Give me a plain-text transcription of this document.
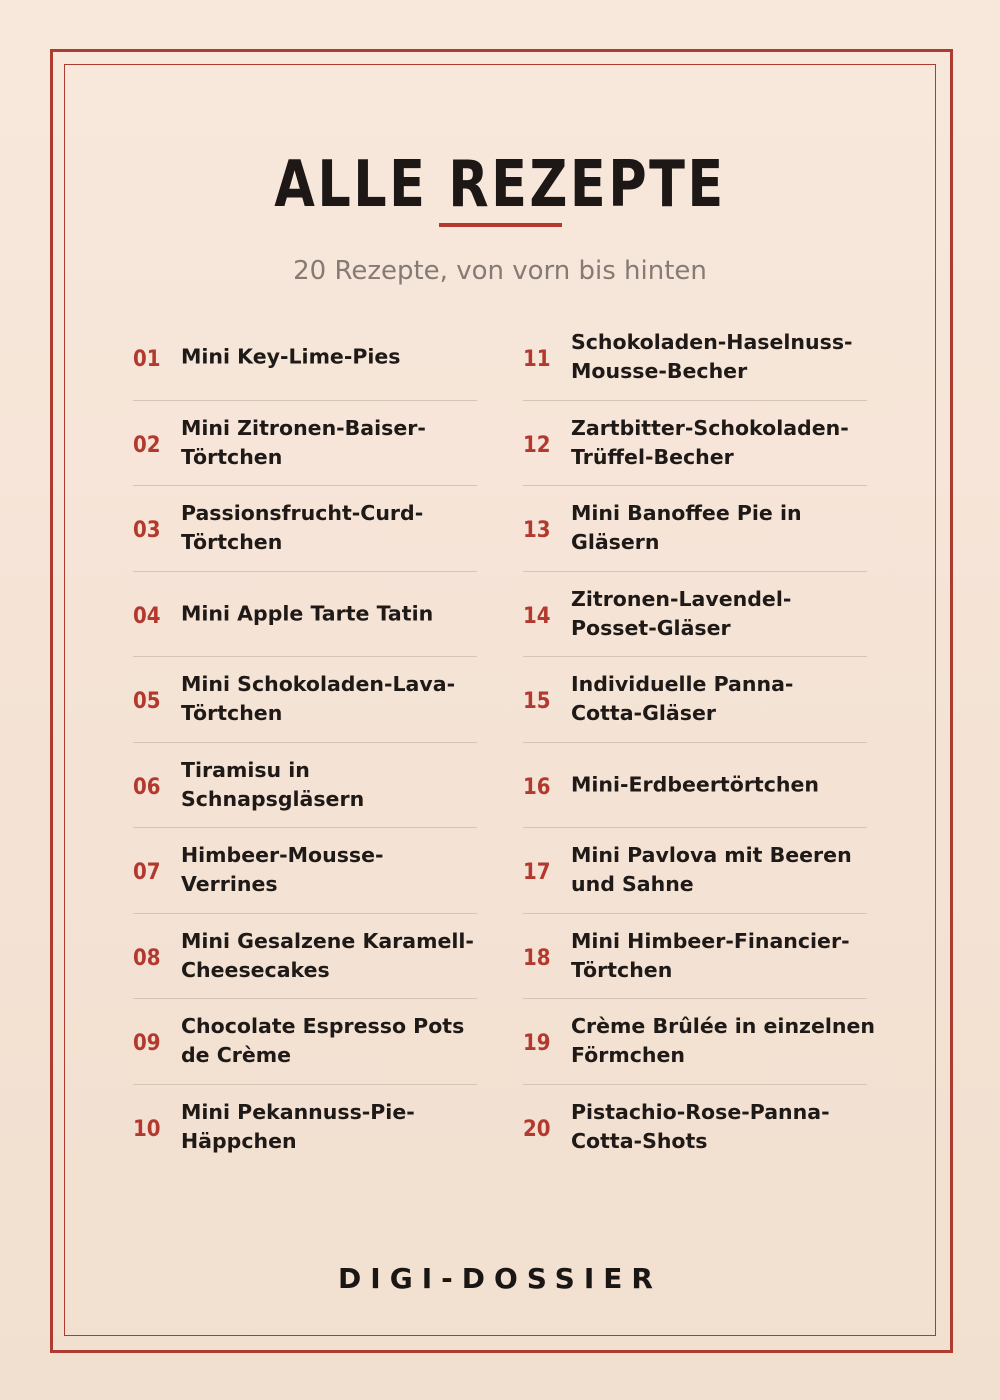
ALLE REZEPTE
20 Rezepte, von vorn bis hinten
01 Mini Key-Lime-Pies
02
Mini Zitronen-Baiser-
Törtchen
03
Passionsfrucht-Curd-
Törtchen
04 Mini Apple Tarte Tatin
05
Mini Schokoladen-Lava-
Törtchen
06
Tiramisu in
Schnapsgläsern
07
Himbeer-Mousse-
Verrines
08
Mini Gesalzene Karamell-
Cheesecakes
09
Chocolate Espresso Pots
de Crème
10
Mini Pekannuss-Pie-
Häppchen
11
Schokoladen-Haselnuss-
Mousse-Becher
12
Zartbitter-Schokoladen-
Trüffel-Becher
13
Mini Banoffee Pie in
Gläsern
14
Zitronen-Lavendel-
Posset-Gläser
15
Individuelle Panna-
Cotta-Gläser
16 Mini-Erdbeertörtchen
17
Mini Pavlova mit Beeren
und Sahne
18
Mini Himbeer-Financier-
Törtchen
19
Crème Brûlée in einzelnen
Förmchen
20
Pistachio-Rose-Panna-
Cotta-Shots
DIGI-DOSSIER
